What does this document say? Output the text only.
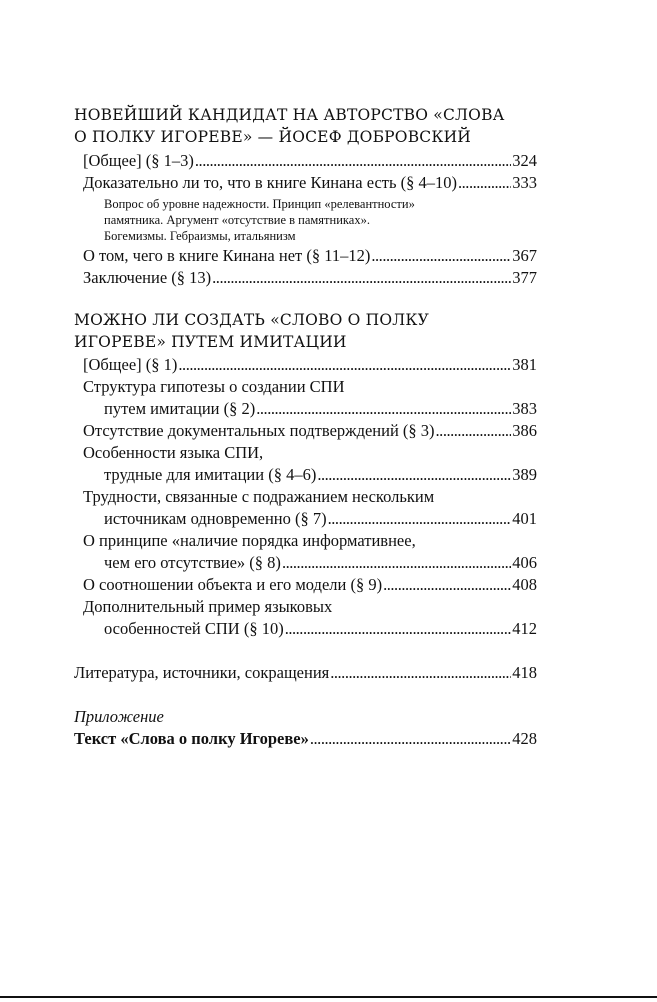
НОВЕЙШИЙ КАНДИДАТ НА АВТОРСТВО «СЛОВА
О ПОЛКУ ИГОРЕВЕ» — ЙОСЕФ ДОБРОВСКИЙ
[Общее] (§ 1–3) . . .	324
Доказательно ли то, что в книге Кинана есть (§ 4–10) . . .	333
Вопрос об уровне надежности. Принцип «релевантности»
памятника. Аргумент «отсутствие в памятниках».
Богемизмы. Гебраизмы, итальянизм
О том, чего в книге Кинана нет (§ 11–12) . . .	367
Заключение (§ 13) . . .	377
МОЖНО ЛИ СОЗДАТЬ «СЛОВО О ПОЛКУ
ИГОРЕВЕ» ПУТЕМ ИМИТАЦИИ
[Общее] (§ 1) . . .	381
Структура гипотезы о создании СПИ
путем имитации (§ 2) . . .	383
Отсутствие документальных подтверждений (§ 3) . . .	386
Особенности языка СПИ,
трудные для имитации (§ 4–6) . . .	389
Трудности, связанные с подражанием нескольким
источникам одновременно (§ 7) . . .	401
О принципе «наличие порядка информативнее,
чем его отсутствие» (§ 8) . . .	406
О соотношении объекта и его модели (§ 9) . . .	408
Дополнительный пример языковых
особенностей СПИ (§ 10) . . .	412
Литература, источники, сокращения . . .	418
Приложение
Текст «Слова о полку Игореве» . . .	428
